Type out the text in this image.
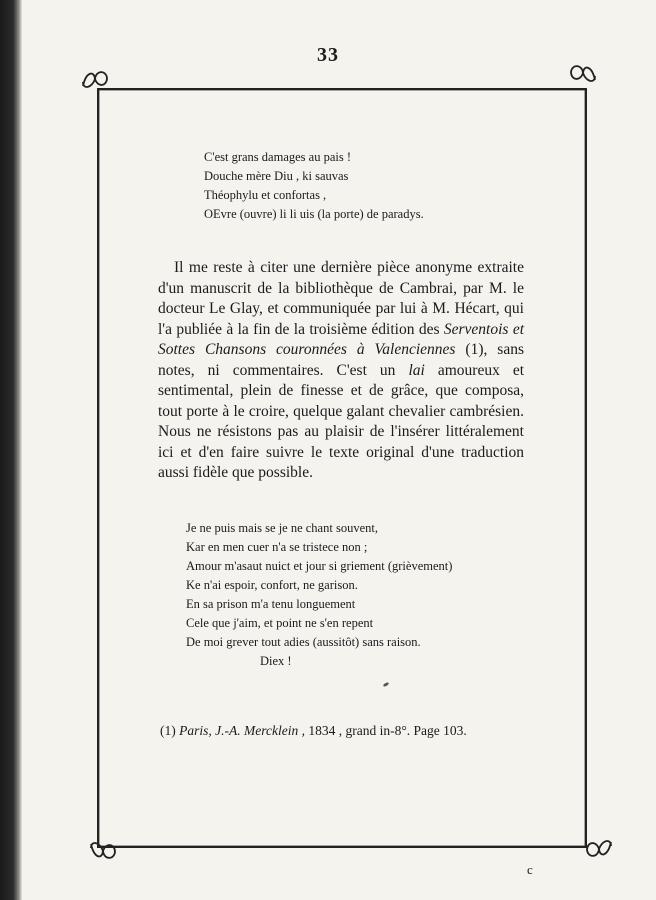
33
C'est grans damages au pais !
Douche mère Diu , ki sauvas
Théophylu et confortas ,
OEvre (ouvre) li li uis (la porte) de paradys.

Il me reste à citer une dernière pièce anonyme extraite d'un manuscrit de la bibliothèque de Cambrai, par M. le docteur Le Glay, et communiquée par lui à M. Hécart, qui l'a publiée à la fin de la troisième édition des Serventois et Sottes Chansons couronnées à Valenciennes (1), sans notes, ni commentaires. C'est un lai amoureux et sentimental, plein de finesse et de grâce, que composa, tout porte à le croire, quelque galant chevalier cambrésien. Nous ne résistons pas au plaisir de l'insérer littéralement ici et d'en faire suivre le texte original d'une traduction aussi fidèle que possible.

Je ne puis mais se je ne chant souvent,
Kar en men cuer n'a se tristece non ;
Amour m'asaut nuict et jour si griement (grièvement)
Ke n'ai espoir, confort, ne garison.
En sa prison m'a tenu longuement
Cele que j'aim, et point ne s'en repent
De moi grever tout adies (aussitôt) sans raison.
Diex !
(1) Paris, J.-A. Mercklein , 1834 , grand in-8°. Page 103.
c
